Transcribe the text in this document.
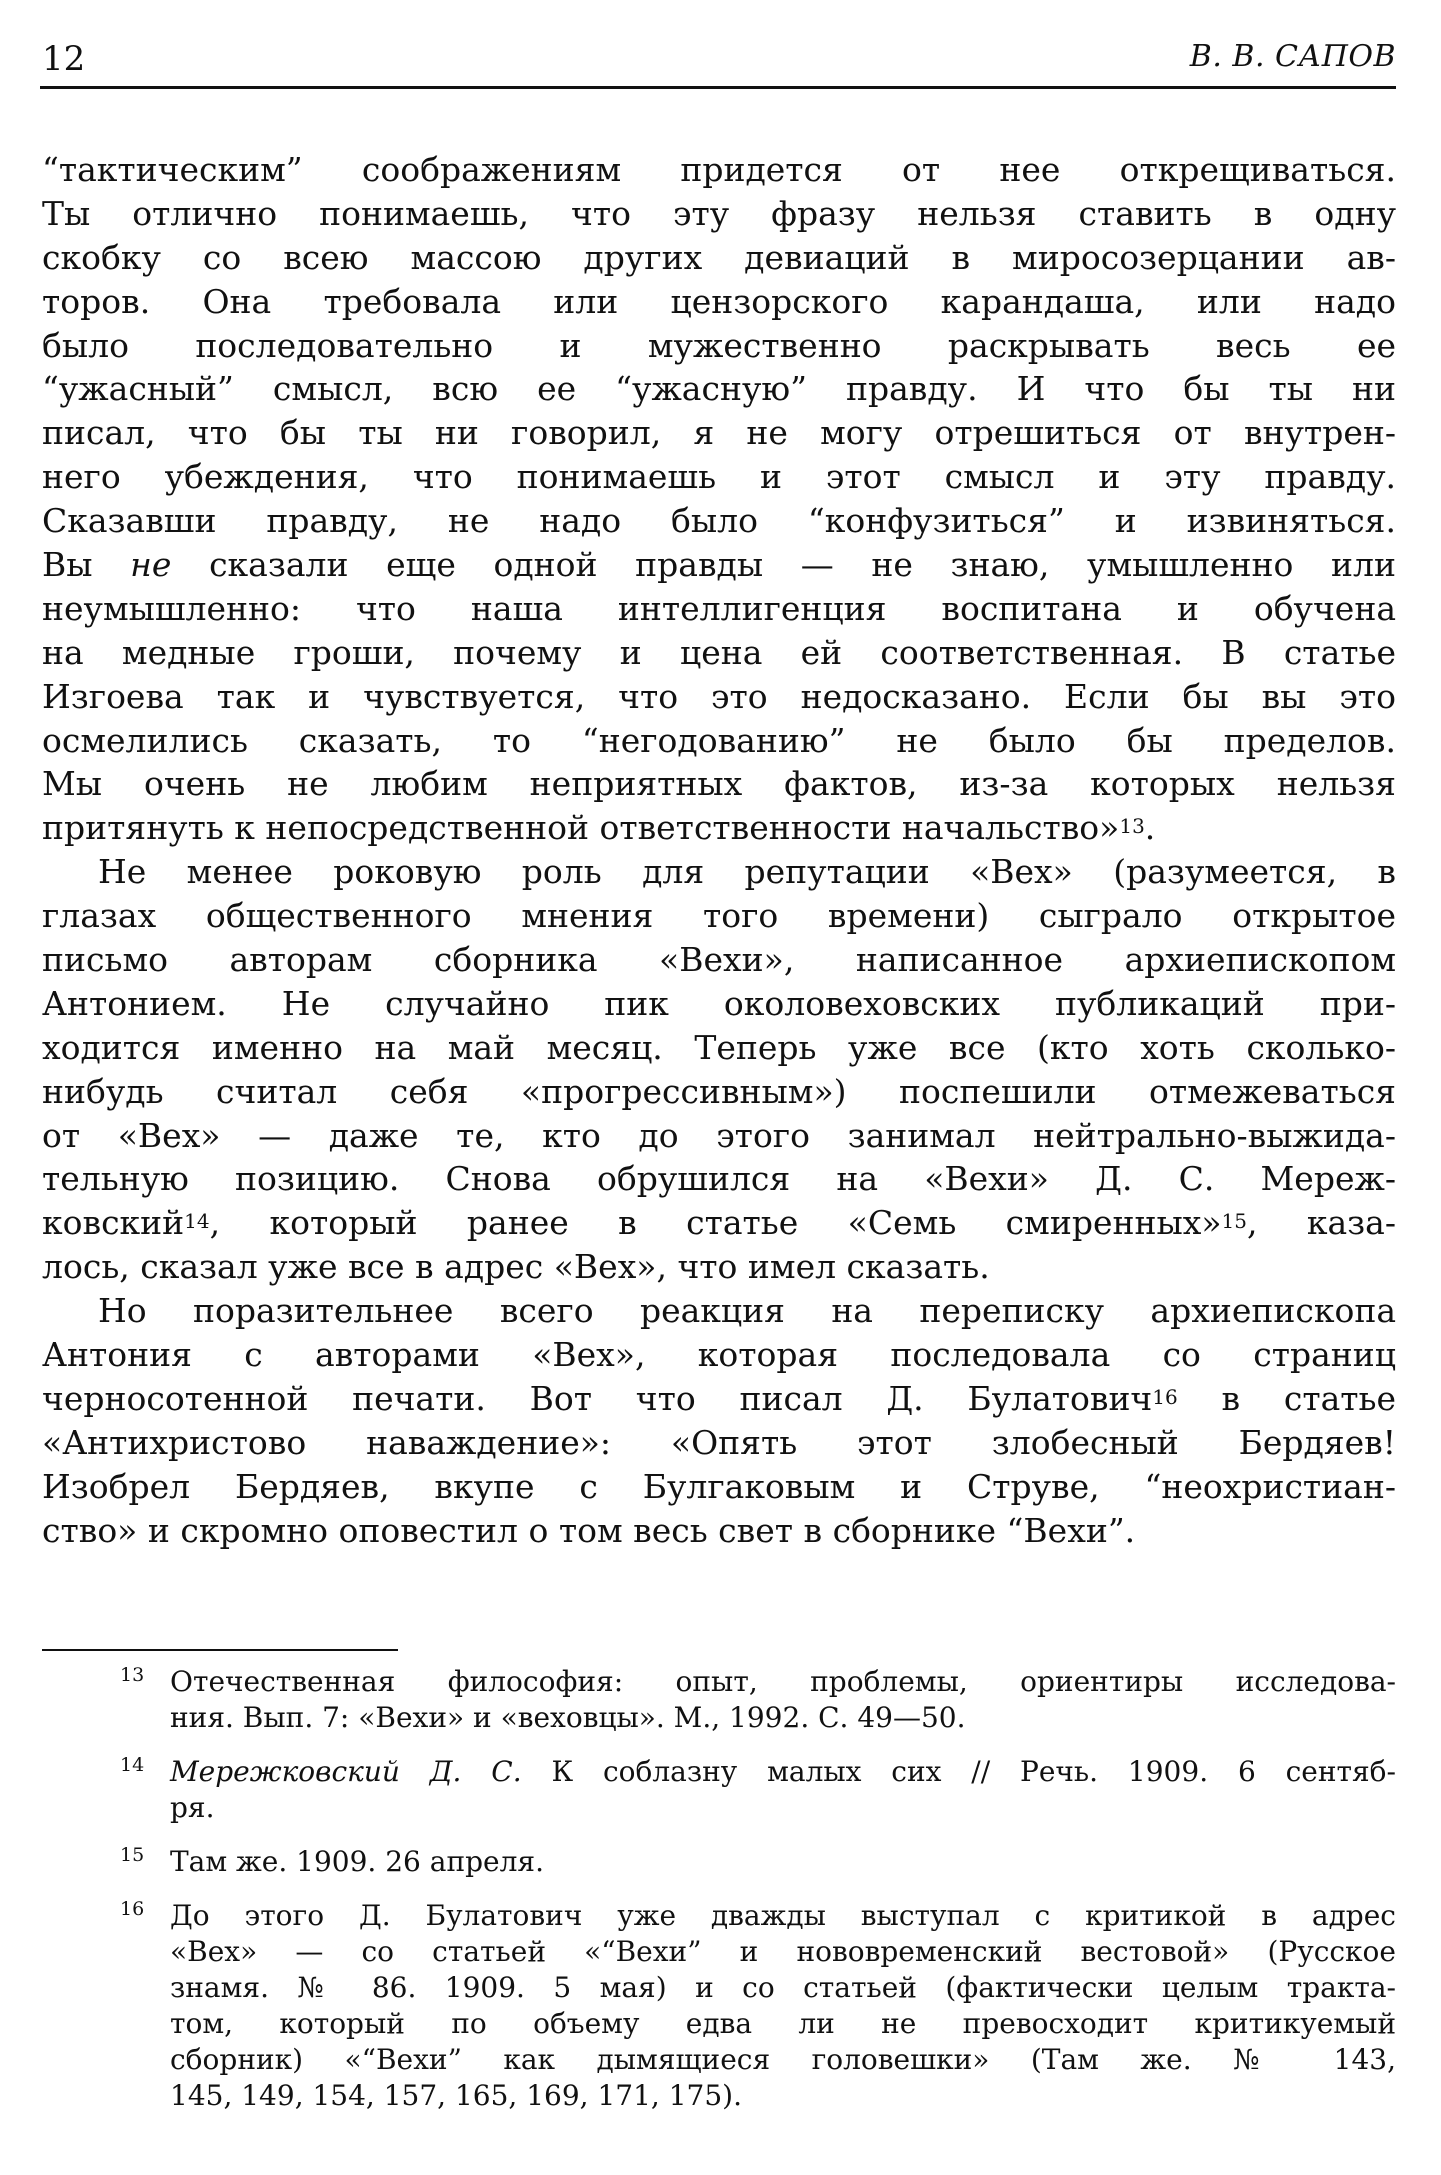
12	В. В. САПОВ
“тактическим” соображениям придется от нее открещиваться.
Ты отлично понимаешь, что эту фразу нельзя ставить в одну
скобку со всею массою других девиаций в миросозерцании ав-
торов. Она требовала или цензорского карандаша, или надо
было последовательно и мужественно раскрывать весь ее
“ужасный” смысл, всю ее “ужасную” правду. И что бы ты ни
писал, что бы ты ни говорил, я не могу отрешиться от внутрен-
него убеждения, что понимаешь и этот смысл и эту правду.
Сказавши правду, не надо было “конфузиться” и извиняться.
Вы не сказали еще одной правды — не знаю, умышленно или
неумышленно: что наша интеллигенция воспитана и обучена
на медные гроши, почему и цена ей соответственная. В статье
Изгоева так и чувствуется, что это недосказано. Если бы вы это
осмелились сказать, то “негодованию” не было бы пределов.
Мы очень не любим неприятных фактов, из-за которых нельзя
притянуть к непосредственной ответственности начальство»$^{13}$.
Не менее роковую роль для репутации «Вех» (разумеется, в
глазах общественного мнения того времени) сыграло открытое
письмо авторам сборника «Вехи», написанное архиепископом
Антонием. Не случайно пик околовеховских публикаций при-
ходится именно на май месяц. Теперь уже все (кто хоть сколько-
нибудь считал себя «прогрессивным») поспешили отмежеваться
от «Вех» — даже те, кто до этого занимал нейтрально-выжида-
тельную позицию. Снова обрушился на «Вехи» Д. С. Мереж-
ковский$^{14}$, который ранее в статье «Семь смиренных»$^{15}$, каза-
лось, сказал уже все в адрес «Вех», что имел сказать.
Но поразительнее всего реакция на переписку архиепископа
Антония с авторами «Вех», которая последовала со страниц
черносотенной печати. Вот что писал Д. Булатович$^{16}$ в статье
«Антихристово наваждение»: «Опять этот злобесный Бердяев!
Изобрел Бердяев, вкупе с Булгаковым и Струве, “неохристиан-
ство» и скромно оповестил о том весь свет в сборнике “Вехи”.
13 Отечественная философия: опыт, проблемы, ориентиры исследова-
ния. Вып. 7: «Вехи» и «веховцы». М., 1992. С. 49—50.
14 Мережковский Д. С. К соблазну малых сих // Речь. 1909. 6 сентяб-
ря.
15 Там же. 1909. 26 апреля.
16 До этого Д. Булатович уже дважды выступал с критикой в адрес
«Вех» — со статьей «“Вехи” и нововременский вестовой» (Русское
знамя. № 86. 1909. 5 мая) и со статьей (фактически целым тракта-
том, который по объему едва ли не превосходит критикуемый
сборник) «“Вехи” как дымящиеся головешки» (Там же. № 143,
145, 149, 154, 157, 165, 169, 171, 175).
